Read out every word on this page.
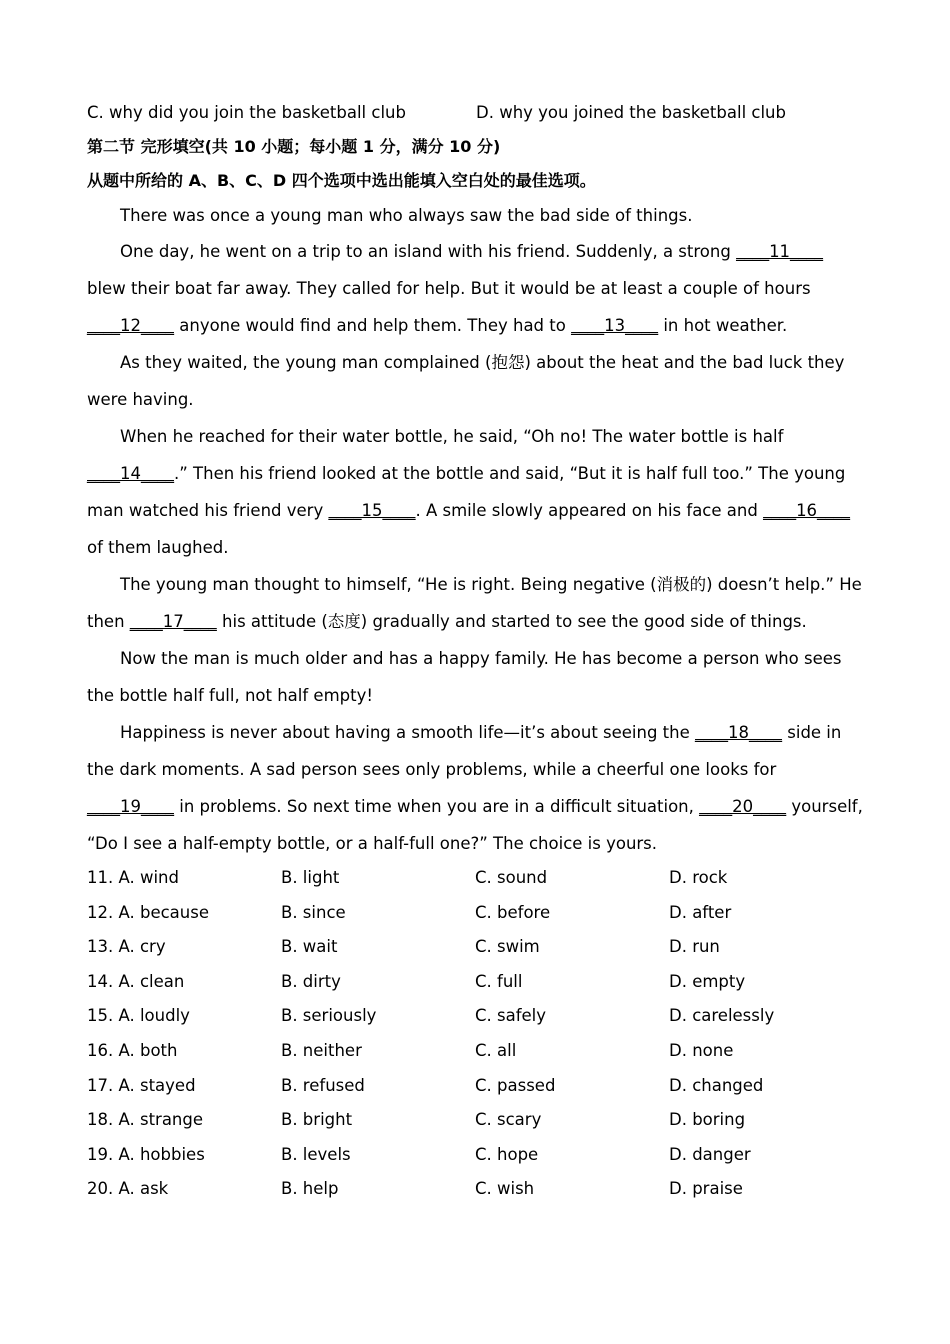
C. why did you join the basketball club	D. why you joined the basketball club
第二节 完形填空(共 10 小题；每小题 1 分，满分 10 分)
从题中所给的 A、B、C、D 四个选项中选出能填入空白处的最佳选项。

There was once a young man who always saw the bad side of things.

One day, he went on a trip to an island with his friend. Suddenly, a strong ____11____ blew their boat far away. They called for help. But it would be at least a couple of hours ____12____ anyone would find and help them. They had to ____13____ in hot weather.

As they waited, the young man complained (抱怨) about the heat and the bad luck they were having.

When he reached for their water bottle, he said, “Oh no! The water bottle is half ____14____.” Then his friend looked at the bottle and said, “But it is half full too.” The young man watched his friend very ____15____. A smile slowly appeared on his face and ____16____ of them laughed.

The young man thought to himself, “He is right. Being negative (消极的) doesn’t help.” He then ____17____ his attitude (态度) gradually and started to see the good side of things.

Now the man is much older and has a happy family. He has become a person who sees the bottle half full, not half empty!

Happiness is never about having a smooth life—it’s about seeing the ____18____ side in the dark moments. A sad person sees only problems, while a cheerful one looks for ____19____ in problems. So next time when you are in a difficult situation, ____20____ yourself, “Do I see a half-empty bottle, or a half-full one?” The choice is yours.

11. A. wind	B. light	C. sound	D. rock
12. A. because	B. since	C. before	D. after
13. A. cry	B. wait	C. swim	D. run
14. A. clean	B. dirty	C. full	D. empty
15. A. loudly	B. seriously	C. safely	D. carelessly
16. A. both	B. neither	C. all	D. none
17. A. stayed	B. refused	C. passed	D. changed
18. A. strange	B. bright	C. scary	D. boring
19. A. hobbies	B. levels	C. hope	D. danger
20. A. ask	B. help	C. wish	D. praise
